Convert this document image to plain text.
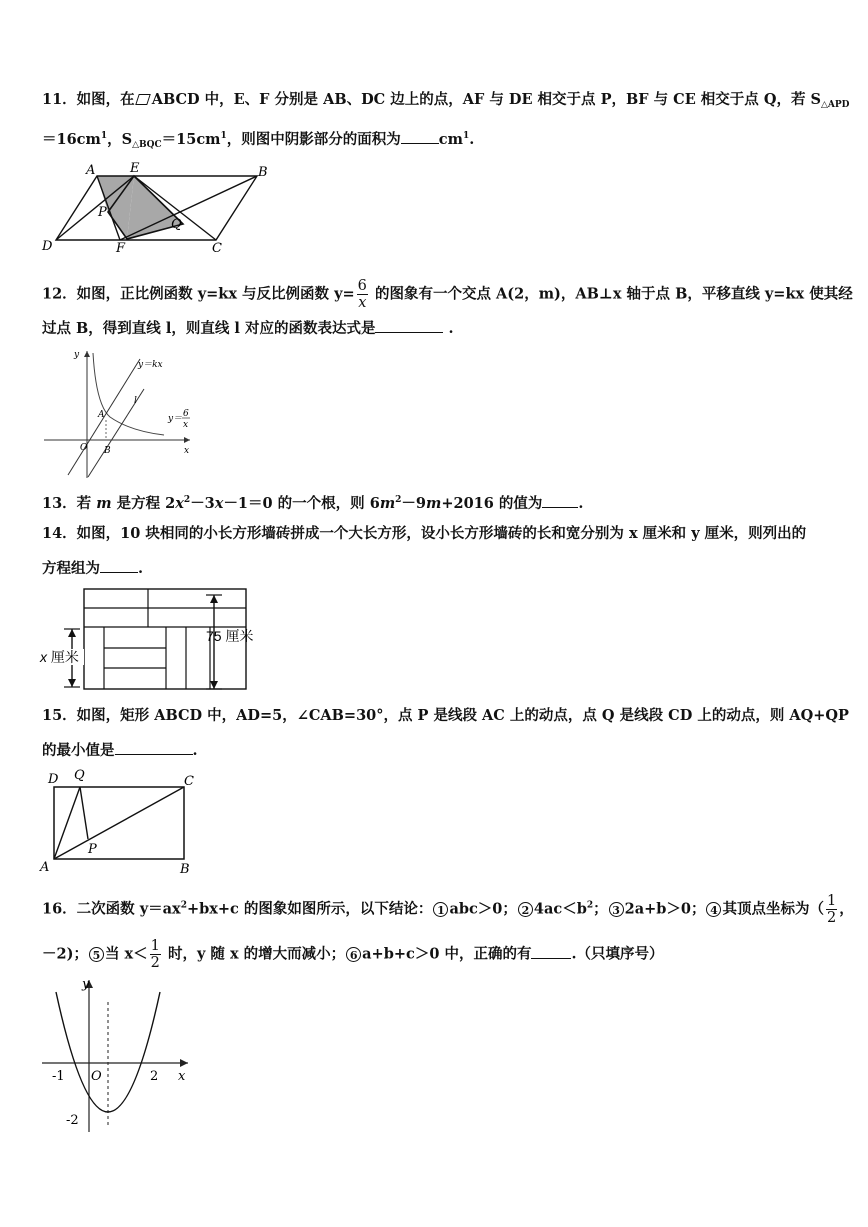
11．如图，在 ABCD 中，E、F 分别是 AB、DC 边上的点，AF 与 DE 相交于点 P，BF 与 CE 相交于点 Q，若 $S_{\triangle APD}$
$=16cm^1$，$S_{\triangle BQC}=15cm^1$，则图中阴影部分的面积为	$cm^1$.
A	E	B
P
Q
D	F	C
12．如图，正比例函数 y=kx 与反比例函数 $y= \frac{6}{x}$ 的图象有一个交点 A(2，m)，AB⊥x 轴于点 B，平移直线 y=kx 使其经
过点 B，得到直线 l，则直线 l 对应的函数表达式是	.
y
x
O
A
B
l
y＝kx
y＝ 6
x
13．若 m 是方程 $2x^2-3x-1=0$ 的一个根，则 $6m^2-9m+2016$ 的值为 .
14．如图，10 块相同的小长方形墙砖拼成一个大长方形，设小长方形墙砖的长和宽分别为 x 厘米和 y 厘米，则列出的
方程组为	.
75 厘米
x 厘米
15．如图，矩形 ABCD 中，AD=5，∠CAB=30°，点 P 是线段 AC 上的动点，点 Q 是线段 CD 上的动点，则 AQ+QP
的最小值是	.
D Q	C
A
P
B
16．二次函数 $y=ax^2+bx+c$ 的图象如图所示，以下结论： 1 abc＞0； 2 $4ac<b^2$； 3 2a+b＞0； 4 其顶点坐标为（ $\frac{1}{2}$ ，
－2)； 5 当 $x< \frac{1}{2}$ 时，y 随 x 的增大而减小； 6 a+b+c＞0 中，正确的有	.（只填序号）
y
x
O
-1	2
-2
